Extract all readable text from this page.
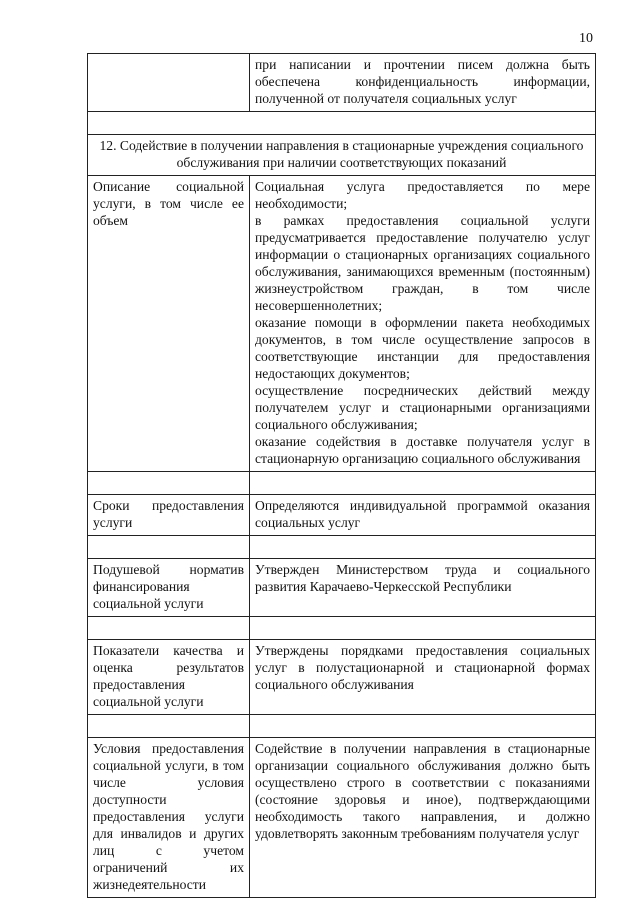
10
	при написании и прочтении писем должна быть обеспечена конфиденциальность информации, полученной от получателя социальных услуг

12. Содействие в получении направления в стационарные учреждения социального обслуживания при наличии соответствующих показаний	
Описание социальной услуги, в том числе ее объем	Социальная услуга предоставляется по мере необходимости;
в рамках предоставления социальной услуги предусматривается предоставление получателю услуг информации о стационарных организациях социального обслуживания, занимающихся временным (постоянным) жизнеустройством граждан, в том числе несовершеннолетних;
оказание помощи в оформлении пакета необходимых документов, в том числе осуществление запросов в соответствующие инстанции для предоставления недостающих документов;
осуществление посреднических действий между получателем услуг и стационарными организациями социального обслуживания;
оказание содействия в доставке получателя услуг в стационарную организацию социального обслуживания

Сроки предоставления услуги	Определяются индивидуальной программой оказания социальных услуг

Подушевой норматив финансирования социальной услуги	Утвержден Министерством труда и социального развития Карачаево-Черкесской Республики

Показатели качества и оценка результатов предоставления социальной услуги	Утверждены порядками предоставления социальных услуг в полустационарной и стационарной формах социального обслуживания

Условия предоставления социальной услуги, в том числе условия доступности предоставления услуги для инвалидов и других лиц с учетом ограничений их жизнедеятельности	Содействие в получении направления в стационарные организации социального обслуживания должно быть осуществлено строго в соответствии с показаниями (состояние здоровья и иное), подтверждающими необходимость такого направления, и должно удовлетворять законным требованиям получателя услуг
